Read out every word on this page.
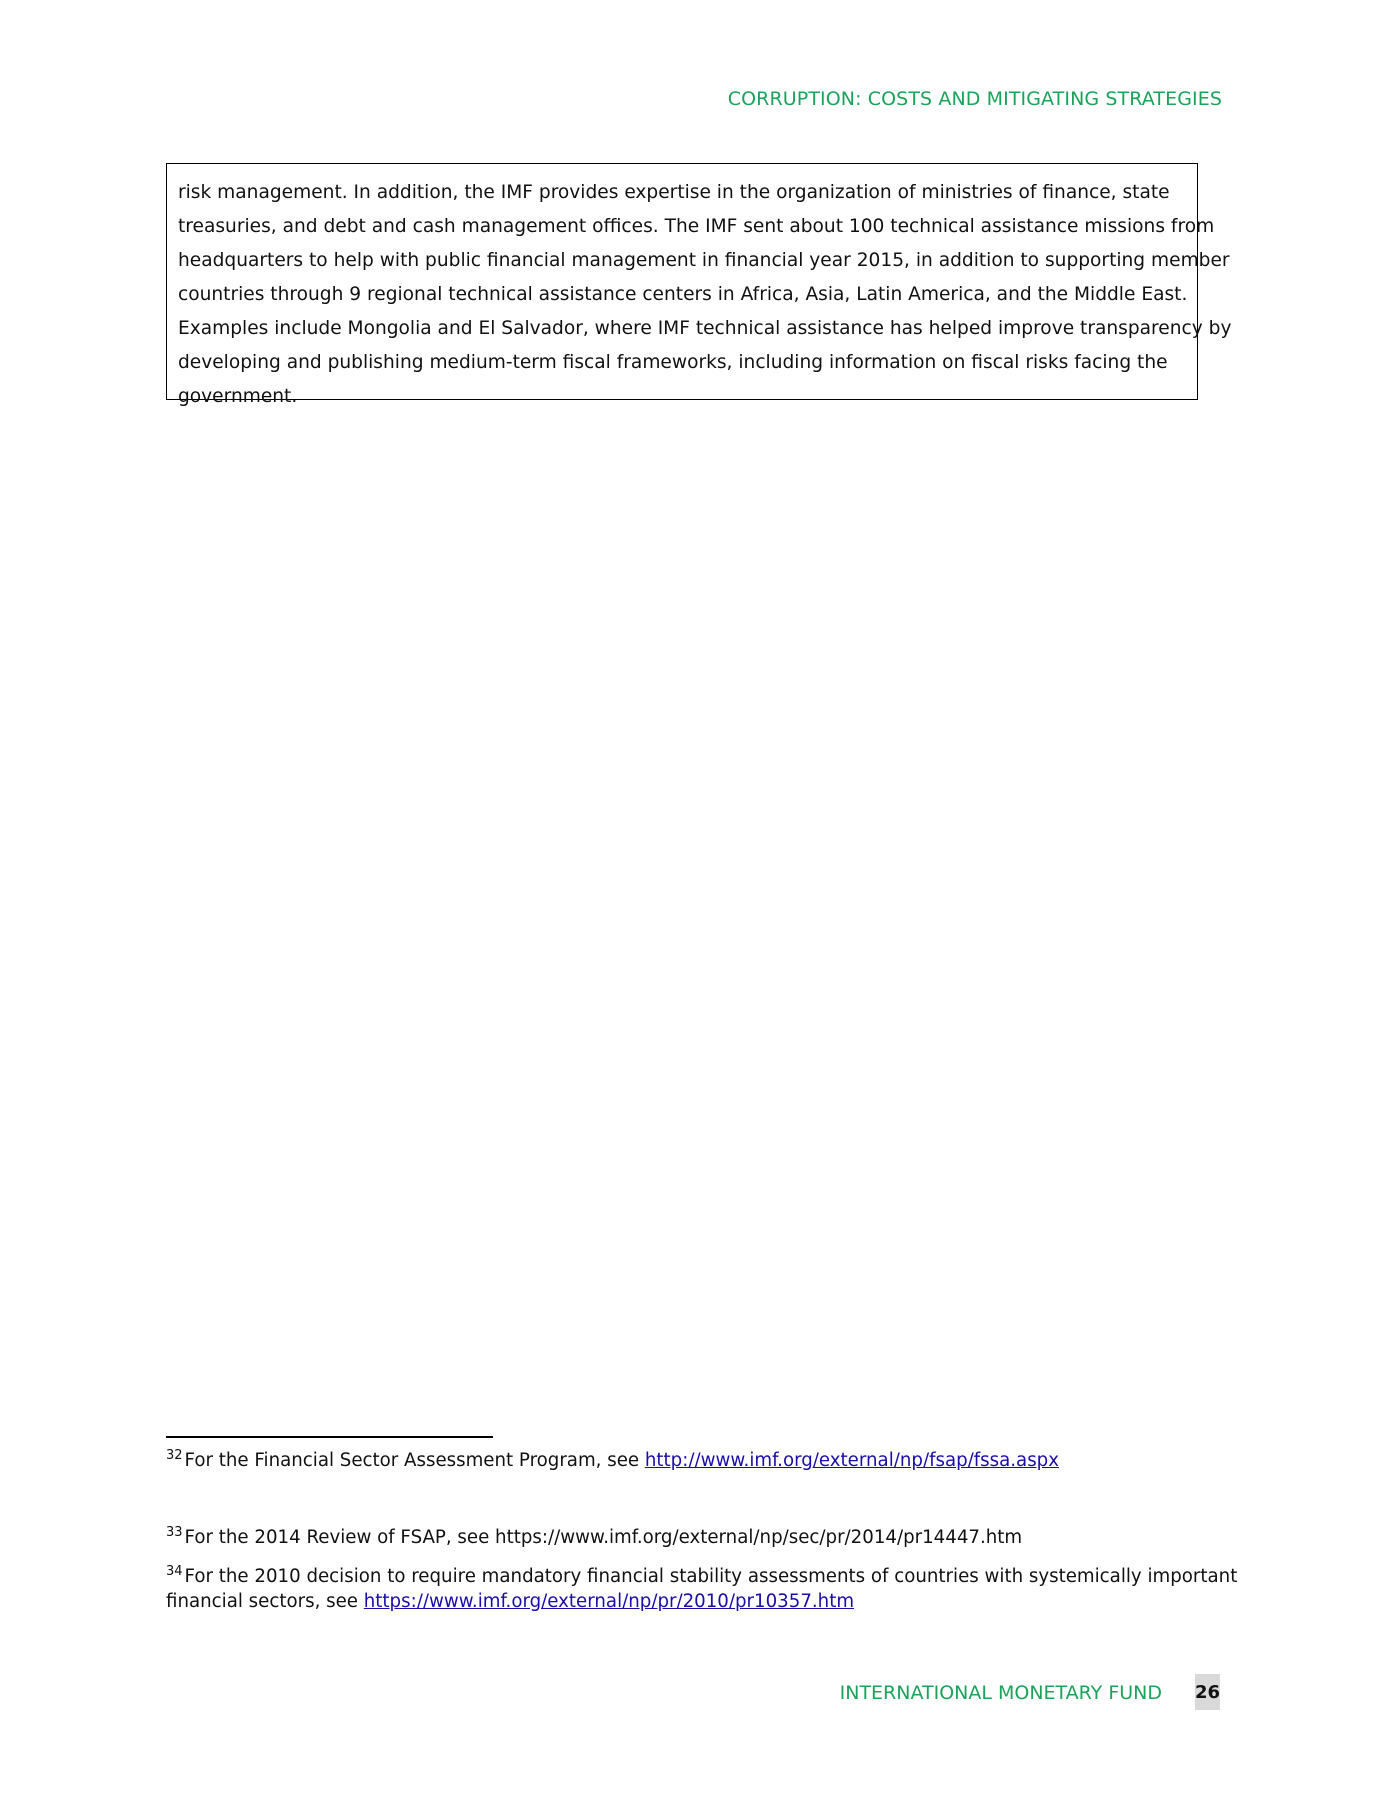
CORRUPTION: COSTS AND MITIGATING STRATEGIES
risk management. In addition, the IMF provides expertise in the organization of ministries of finance, state
treasuries, and debt and cash management offices. The IMF sent about 100 technical assistance missions from
headquarters to help with public financial management in financial year 2015, in addition to supporting member
countries through 9 regional technical assistance centers in Africa, Asia, Latin America, and the Middle East.
Examples include Mongolia and El Salvador, where IMF technical assistance has helped improve transparency by
developing and publishing medium-term fiscal frameworks, including information on fiscal risks facing the
government.
$^{32}$ For the Financial Sector Assessment Program, see http://www.imf.org/external/np/fsap/fssa.aspx
$^{33}$ For the 2014 Review of FSAP, see https://www.imf.org/external/np/sec/pr/2014/pr14447.htm
$^{34}$ For the 2010 decision to require mandatory financial stability assessments of countries with systemically important
financial sectors, see https://www.imf.org/external/np/pr/2010/pr10357.htm
INTERNATIONAL MONETARY FUND 26
